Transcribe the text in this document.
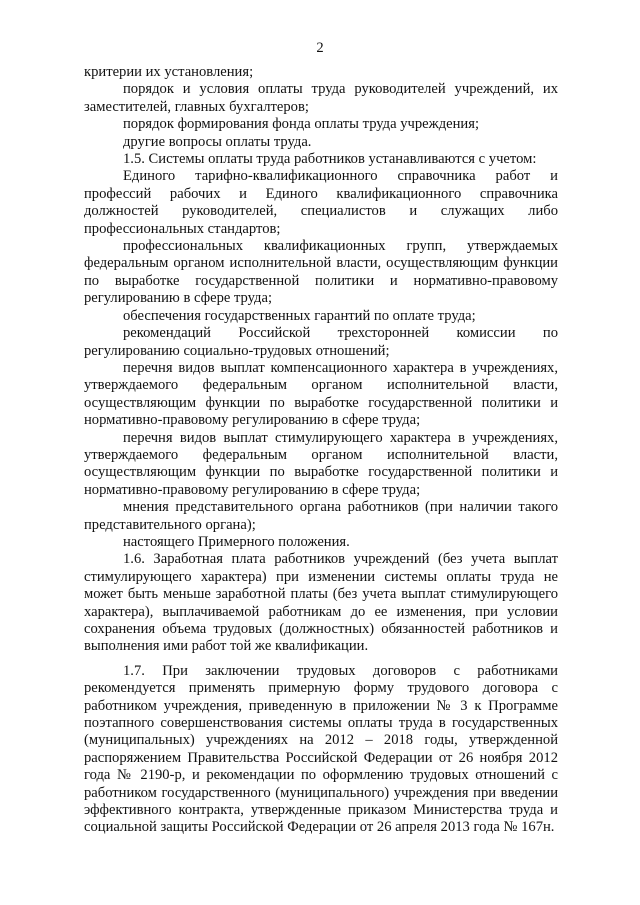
2

критерии их установления;

порядок и условия оплаты труда руководителей учреждений, их заместителей, главных бухгалтеров;

порядок формирования фонда оплаты труда учреждения;

другие вопросы оплаты труда.

1.5. Системы оплаты труда работников устанавливаются с учетом:

Единого тарифно-квалификационного справочника работ и профессий рабочих и Единого квалификационного справочника должностей руководителей, специалистов и служащих либо профессиональных стандартов;

профессиональных квалификационных групп, утверждаемых федеральным органом исполнительной власти, осуществляющим функции по выработке государственной политики и нормативно-правовому регулированию в сфере труда;

обеспечения государственных гарантий по оплате труда;

рекомендаций Российской трехсторонней комиссии по регулированию социально-трудовых отношений;

перечня видов выплат компенсационного характера в учреждениях, утверждаемого федеральным органом исполнительной власти, осуществляющим функции по выработке государственной политики и нормативно-правовому регулированию в сфере труда;

перечня видов выплат стимулирующего характера в учреждениях, утверждаемого федеральным органом исполнительной власти, осуществляющим функции по выработке государственной политики и нормативно-правовому регулированию в сфере труда;

мнения представительного органа работников (при наличии такого представительного органа);

настоящего Примерного положения.

1.6. Заработная плата работников учреждений (без учета выплат стимулирующего характера) при изменении системы оплаты труда не может быть меньше заработной платы (без учета выплат стимулирующего характера), выплачиваемой работникам до ее изменения, при условии сохранения объема трудовых (должностных) обязанностей работников и выполнения ими работ той же квалификации.

1.7. При заключении трудовых договоров с работниками рекомендуется применять примерную форму трудового договора с работником учреждения, приведенную в приложении № 3 к Программе поэтапного совершенствования системы оплаты труда в государственных (муниципальных) учреждениях на 2012 – 2018 годы, утвержденной распоряжением Правительства Российской Федерации от 26 ноября 2012 года № 2190-р, и рекомендации по оформлению трудовых отношений с работником государственного (муниципального) учреждения при введении эффективного контракта, утвержденные приказом Министерства труда и социальной защиты Российской Федерации от 26 апреля 2013 года № 167н.
